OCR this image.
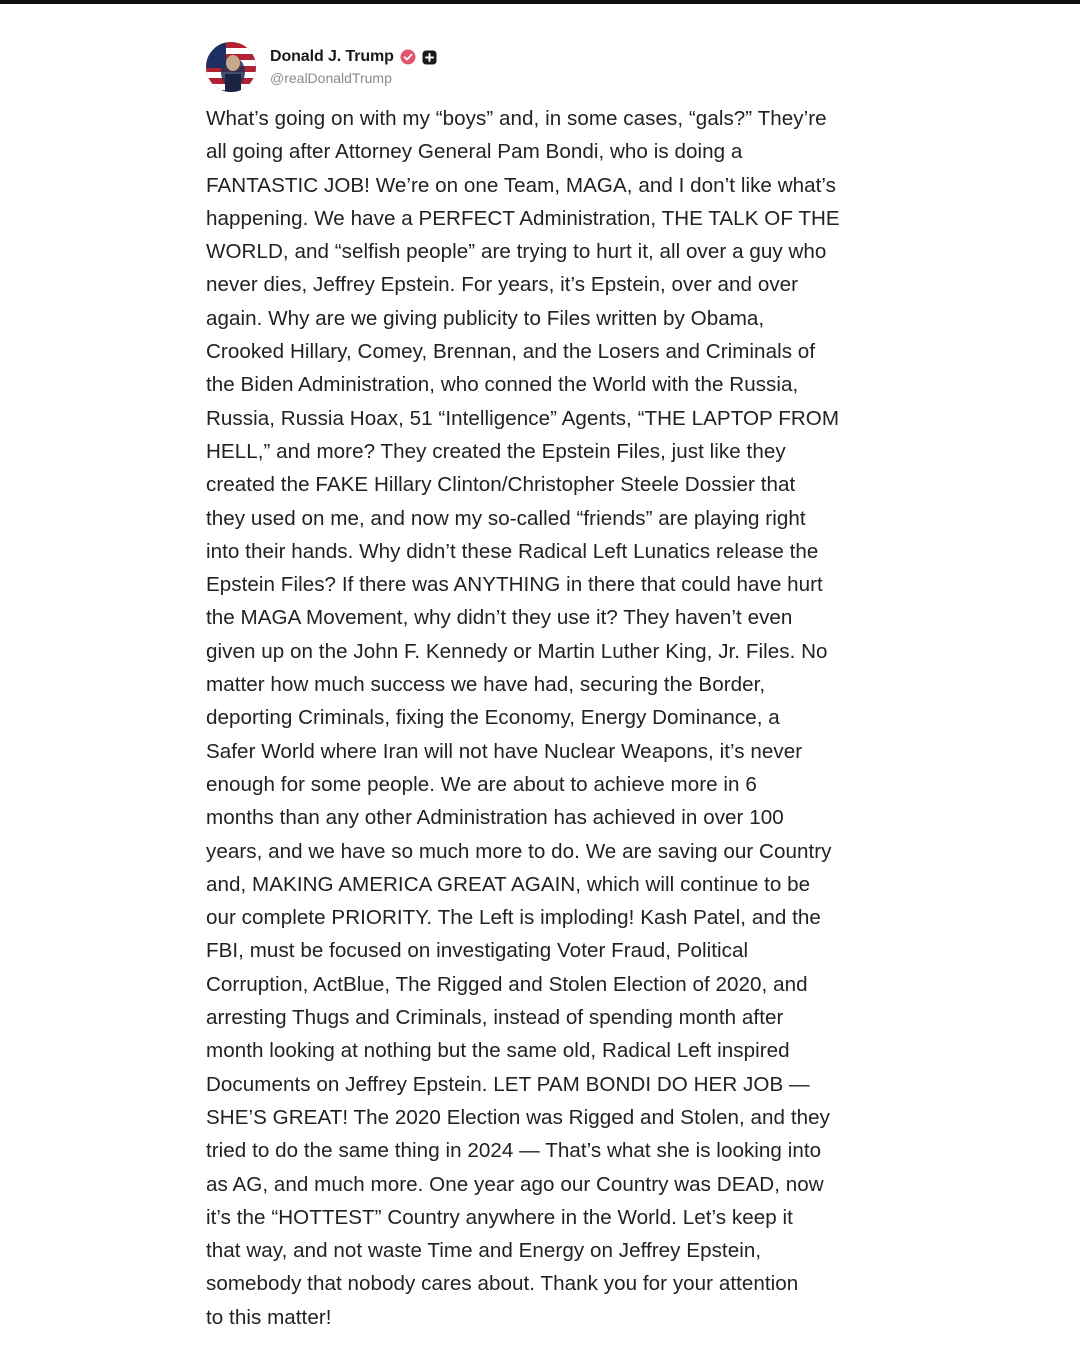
Donald J. Trump
@realDonaldTrump
What’s going on with my “boys” and, in some cases, “gals?” They’re
all going after Attorney General Pam Bondi, who is doing a
FANTASTIC JOB! We’re on one Team, MAGA, and I don’t like what’s
happening. We have a PERFECT Administration, THE TALK OF THE
WORLD, and “selfish people” are trying to hurt it, all over a guy who
never dies, Jeffrey Epstein. For years, it’s Epstein, over and over
again. Why are we giving publicity to Files written by Obama,
Crooked Hillary, Comey, Brennan, and the Losers and Criminals of
the Biden Administration, who conned the World with the Russia,
Russia, Russia Hoax, 51 “Intelligence” Agents, “THE LAPTOP FROM
HELL,” and more? They created the Epstein Files, just like they
created the FAKE Hillary Clinton/Christopher Steele Dossier that
they used on me, and now my so-called “friends” are playing right
into their hands. Why didn’t these Radical Left Lunatics release the
Epstein Files? If there was ANYTHING in there that could have hurt
the MAGA Movement, why didn’t they use it? They haven’t even
given up on the John F. Kennedy or Martin Luther King, Jr. Files. No
matter how much success we have had, securing the Border,
deporting Criminals, fixing the Economy, Energy Dominance, a
Safer World where Iran will not have Nuclear Weapons, it’s never
enough for some people. We are about to achieve more in 6
months than any other Administration has achieved in over 100
years, and we have so much more to do. We are saving our Country
and, MAKING AMERICA GREAT AGAIN, which will continue to be
our complete PRIORITY. The Left is imploding! Kash Patel, and the
FBI, must be focused on investigating Voter Fraud, Political
Corruption, ActBlue, The Rigged and Stolen Election of 2020, and
arresting Thugs and Criminals, instead of spending month after
month looking at nothing but the same old, Radical Left inspired
Documents on Jeffrey Epstein. LET PAM BONDI DO HER JOB —
SHE’S GREAT! The 2020 Election was Rigged and Stolen, and they
tried to do the same thing in 2024 — That’s what she is looking into
as AG, and much more. One year ago our Country was DEAD, now
it’s the “HOTTEST” Country anywhere in the World. Let’s keep it
that way, and not waste Time and Energy on Jeffrey Epstein,
somebody that nobody cares about. Thank you for your attention
to this matter!
